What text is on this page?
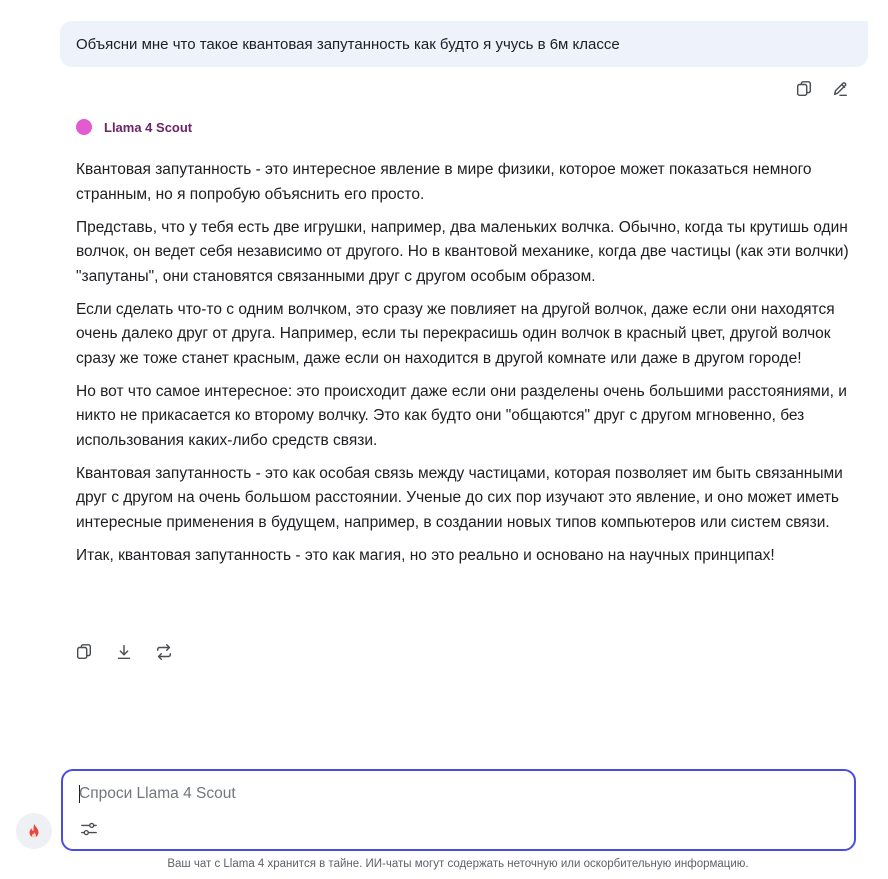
Объясни мне что такое квантовая запутанность как будто я учусь в 6м классе
Llama 4 Scout

Квантовая запутанность - это интересное явление в мире физики, которое может показаться немного странным, но я попробую объяснить его просто.

Представь, что у тебя есть две игрушки, например, два маленьких волчка. Обычно, когда ты крутишь один волчок, он ведет себя независимо от другого. Но в квантовой механике, когда две частицы (как эти волчки) "запутаны", они становятся связанными друг с другом особым образом.

Если сделать что-то с одним волчком, это сразу же повлияет на другой волчок, даже если они находятся очень далеко друг от друга. Например, если ты перекрасишь один волчок в красный цвет, другой волчок сразу же тоже станет красным, даже если он находится в другой комнате или даже в другом городе!

Но вот что самое интересное: это происходит даже если они разделены очень большими расстояниями, и никто не прикасается ко второму волчку. Это как будто они "общаются" друг с другом мгновенно, без использования каких-либо средств связи.

Квантовая запутанность - это как особая связь между частицами, которая позволяет им быть связанными друг с другом на очень большом расстоянии. Ученые до сих пор изучают это явление, и оно может иметь интересные применения в будущем, например, в создании новых типов компьютеров или систем связи.

Итак, квантовая запутанность - это как магия, но это реально и основано на научных принципах!

Спроси Llama 4 Scout
Ваш чат с Llama 4 хранится в тайне. ИИ-чаты могут содержать неточную или оскорбительную информацию.
